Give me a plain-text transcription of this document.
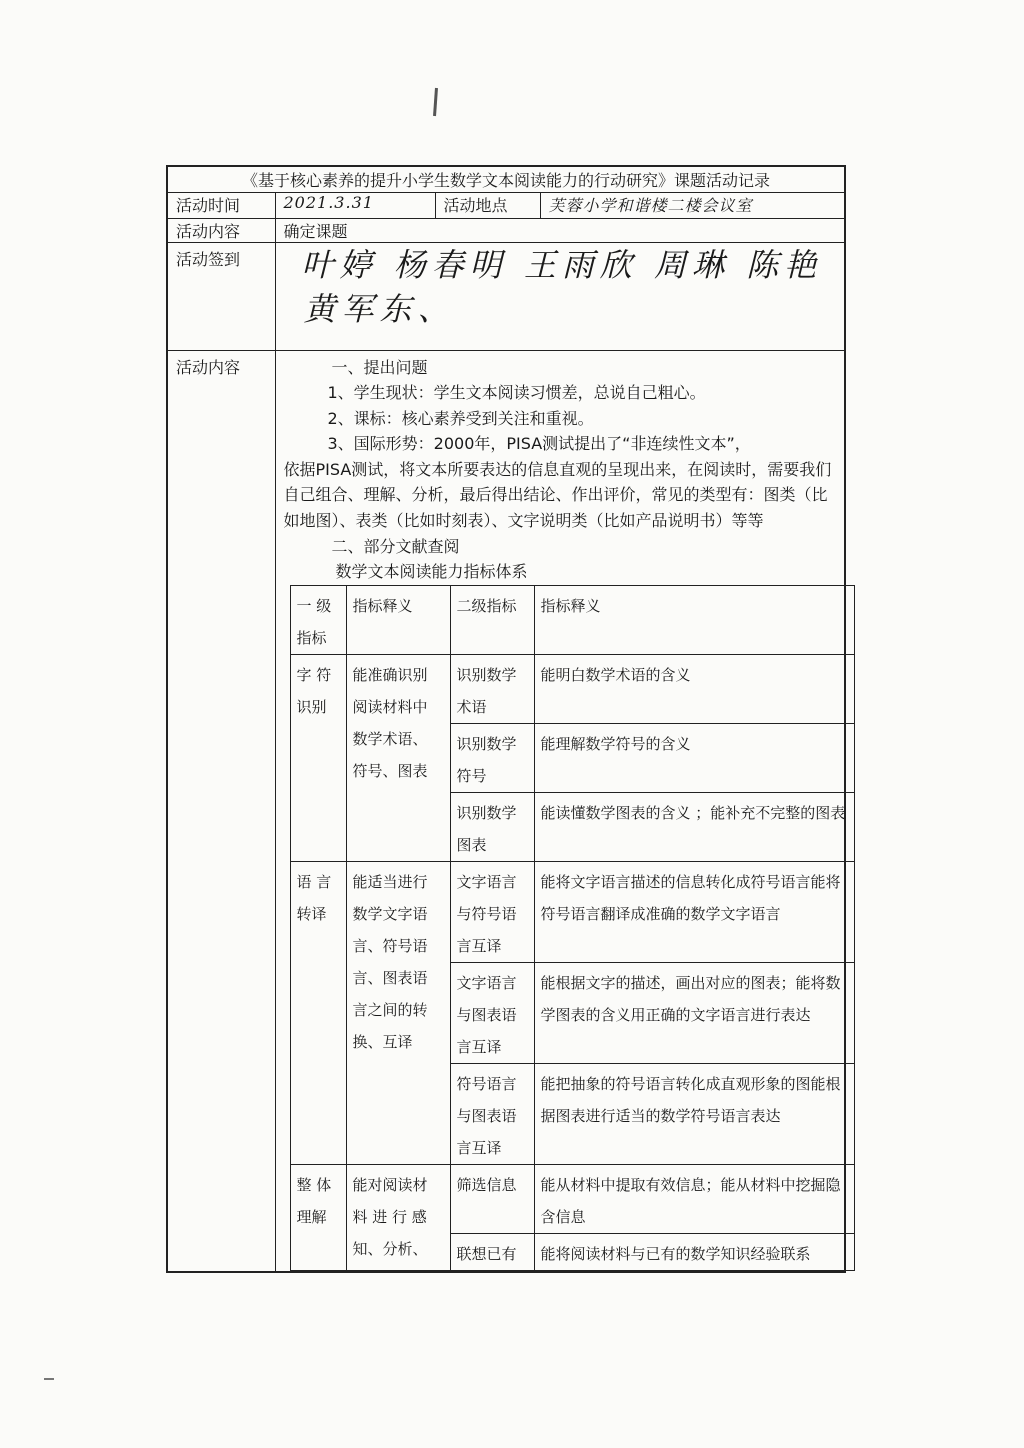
《基于核心素养的提升小学生数学文本阅读能力的行动研究》课题活动记录
活动时间	2021.3.31	活动地点	芙蓉小学和谐楼二楼会议室
活动内容	确定课题
活动签到	叶婷 杨春明 王雨欣 周琳 陈艳
黄军东、

活动内容	一、提出问题

1、学生现状：学生文本阅读习惯差，总说自己粗心。

2、课标：核心素养受到关注和重视。

3、国际形势：2000年，PISA测试提出了“非连续性文本”，

依据PISA测试，将文本所要表达的信息直观的呈现出来，在阅读时，需要我们自己组合、理解、分析，最后得出结论、作出评价，常见的类型有：图类（比如地图）、表类（比如时刻表）、文字说明类（比如产品说明书）等等

二、部分文献查阅

数学文本阅读能力指标体系

一 级 指标	指标释义	二级指标	指标释义
字 符 识别	能准确识别阅读材料中数学术语、符号、图表	识别数学术语	能明白数学术语的含义
识别数学符号	能理解数学符号的含义
识别数学图表	能读懂数学图表的含义 ；能补充不完整的图表
语 言 转译	能适当进行数学文字语言、符号语言、图表语言之间的转换、互译	文字语言与符号语言互译	能将文字语言描述的信息转化成符号语言能将符号语言翻译成准确的数学文字语言
文字语言与图表语言互译	能根据文字的描述，画出对应的图表；能将数学图表的含义用正确的文字语言进行表达
符号语言与图表语言互译	能把抽象的符号语言转化成直观形象的图能根据图表进行适当的数学符号语言表达
整 体 理解	能对阅读材料 进 行 感知、分析、	筛选信息	能从材料中提取有效信息；能从材料中挖掘隐含信息
联想已有	能将阅读材料与已有的数学知识经验联系
